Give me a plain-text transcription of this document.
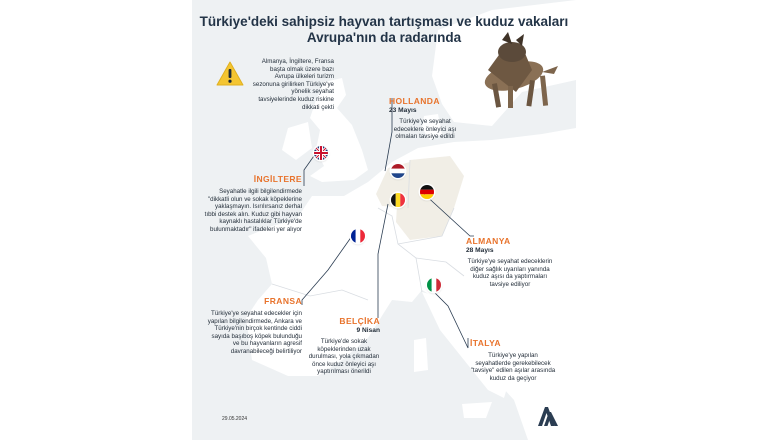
Türkiye'deki sahipsiz hayvan tartışması ve kuduz vakaları
Avrupa'nın da radarında
Almanya, İngiltere, Fransa başta olmak üzere bazı Avrupa ülkeleri turizm sezonuna girilirken Türkiye'ye yönelik seyahat tavsiyelerinde kuduz riskine dikkati çekti
HOLLANDA
23 Mayıs
Türkiye'ye seyahat edeceklere önleyici aşı olmaları tavsiye edildi
İNGİLTERE
Seyahatle ilgili bilgilendirmede "dikkatli olun ve sokak köpeklerine yaklaşmayın. Isırılırsanız derhal tıbbi destek alın. Kuduz gibi hayvan kaynaklı hastalıklar Türkiye'de bulunmaktadır" ifadeleri yer alıyor
ALMANYA
28 Mayıs
Türkiye'ye seyahat edeceklerin diğer sağlık uyarıları yanında kuduz aşısı da yaptırmaları tavsiye ediliyor
FRANSA
Türkiye'ye seyahat edecekler için yapılan bilgilendirmede, Ankara ve Türkiye'nin birçok kentinde ciddi sayıda başıboş köpek bulunduğu ve bu hayvanların agresif davranabileceği belirtiliyor
BELÇİKA
9 Nisan
Türkiye'de sokak köpeklerinden uzak durulması, yola çıkmadan önce kuduz önleyici aşı yaptırılması önerildi
İTALYA
Türkiye'ye yapılan seyahatlerde gerekebilecek "tavsiye" edilen aşılar arasında kuduz da geçiyor
29.05.2024
